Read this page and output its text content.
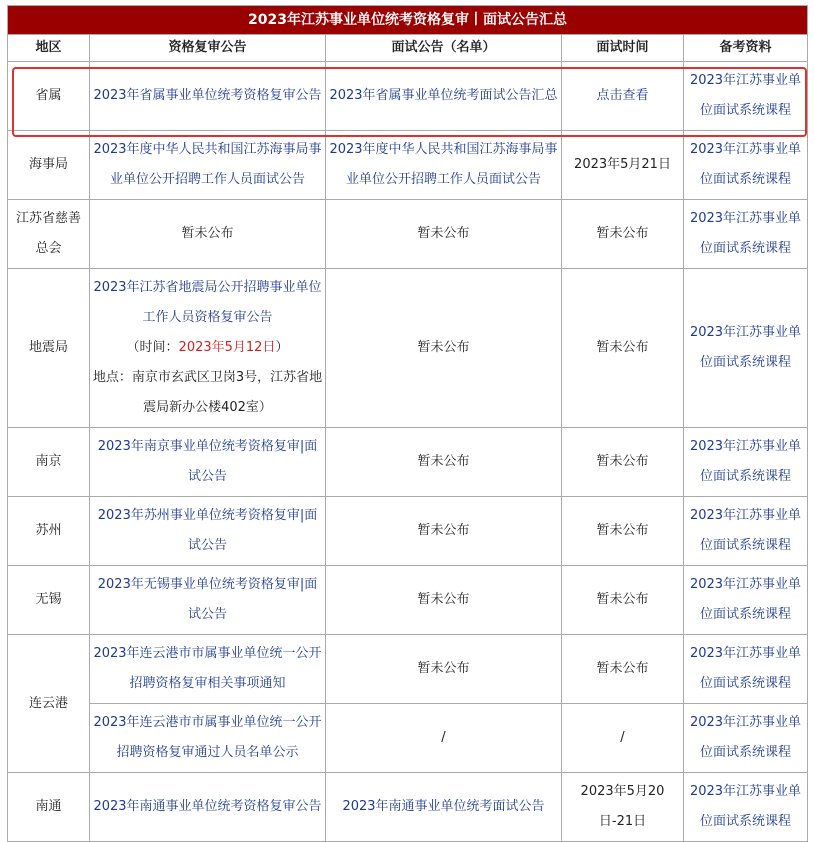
2023年江苏事业单位统考资格复审丨面试公告汇总				
地区	资格复审公告	面试公告（名单）	面试时间	备考资料
省属	2023年省属事业单位统考资格复审公告	2023年省属事业单位统考面试公告汇总	点击查看	2023年江苏事业单位面试系统课程
海事局	2023年度中华人民共和国江苏海事局事业单位公开招聘工作人员面试公告	2023年度中华人民共和国江苏海事局事业单位公开招聘工作人员面试公告	2023年5月21日	2023年江苏事业单位面试系统课程
江苏省慈善总会	暂未公布	暂未公布	暂未公布	2023年江苏事业单位面试系统课程
地震局	2023年江苏省地震局公开招聘事业单位工作人员资格复审公告
（时间：2023年5月12日）
地点：南京市玄武区卫岗3号，江苏省地震局新办公楼402室）	暂未公布	暂未公布	2023年江苏事业单位面试系统课程
南京	2023年南京事业单位统考资格复审|面试公告	暂未公布	暂未公布	2023年江苏事业单位面试系统课程
苏州	2023年苏州事业单位统考资格复审|面试公告	暂未公布	暂未公布	2023年江苏事业单位面试系统课程
无锡	2023年无锡事业单位统考资格复审|面试公告	暂未公布	暂未公布	2023年江苏事业单位面试系统课程
连云港	2023年连云港市市属事业单位统一公开招聘资格复审相关事项通知	暂未公布	暂未公布	2023年江苏事业单位面试系统课程
	2023年连云港市市属事业单位统一公开招聘资格复审通过人员名单公示	/	/	2023年江苏事业单位面试系统课程
南通	2023年南通事业单位统考资格复审公告	2023年南通事业单位统考面试公告	2023年5月20日-21日	2023年江苏事业单位面试系统课程
